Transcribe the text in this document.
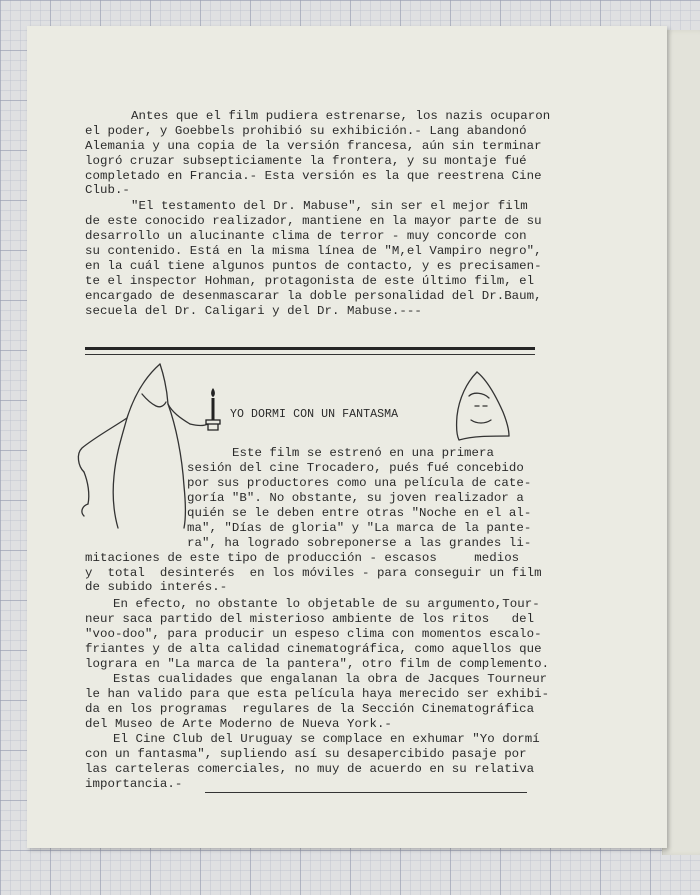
Antes que el film pudiera estrenarse, los nazis ocuparon
el poder, y Goebbels prohibió su exhibición.- Lang abandonó
Alemania y una copia de la versión francesa, aún sin terminar
logró cruzar subsepticiamente la frontera, y su montaje fué
completado en Francia.- Esta versión es la que reestrena Cine
Club.-
"El testamento del Dr. Mabuse", sin ser el mejor film
de este conocido realizador, mantiene en la mayor parte de su
desarrollo un alucinante clima de terror - muy concorde con
su contenido. Está en la misma línea de "M,el Vampiro negro",
en la cuál tiene algunos puntos de contacto, y es precisamen-
te el inspector Hohman, protagonista de este último film, el
encargado de desenmascarar la doble personalidad del Dr.Baum,
secuela del Dr. Caligari y del Dr. Mabuse.---
YO DORMI CON UN FANTASMA
Este film se estrenó en una primera
sesión del cine Trocadero, pués fué concebido
por sus productores como una película de cate-
goría "B". No obstante, su joven realizador a
quién se le deben entre otras "Noche en el al-
ma", "Días de gloria" y "La marca de la pante-
ra", ha logrado sobreponerse a las grandes li-
mitaciones de este tipo de producción - escasos     medios
y  total  desinterés  en los móviles - para conseguir un film
de subido interés.-
En efecto, no obstante lo objetable de su argumento,Tour-
neur saca partido del misterioso ambiente de los ritos   del
"voo-doo", para producir un espeso clima con momentos escalo-
friantes y de alta calidad cinematográfica, como aquellos que
lograra en "La marca de la pantera", otro film de complemento.
Estas cualidades que engalanan la obra de Jacques Tourneur
le han valido para que esta película haya merecido ser exhibi-
da en los programas  regulares de la Sección Cinematográfica
del Museo de Arte Moderno de Nueva York.-
El Cine Club del Uruguay se complace en exhumar "Yo dormí
con un fantasma", supliendo así su desapercibido pasaje por
las carteleras comerciales, no muy de acuerdo en su relativa
importancia.-
